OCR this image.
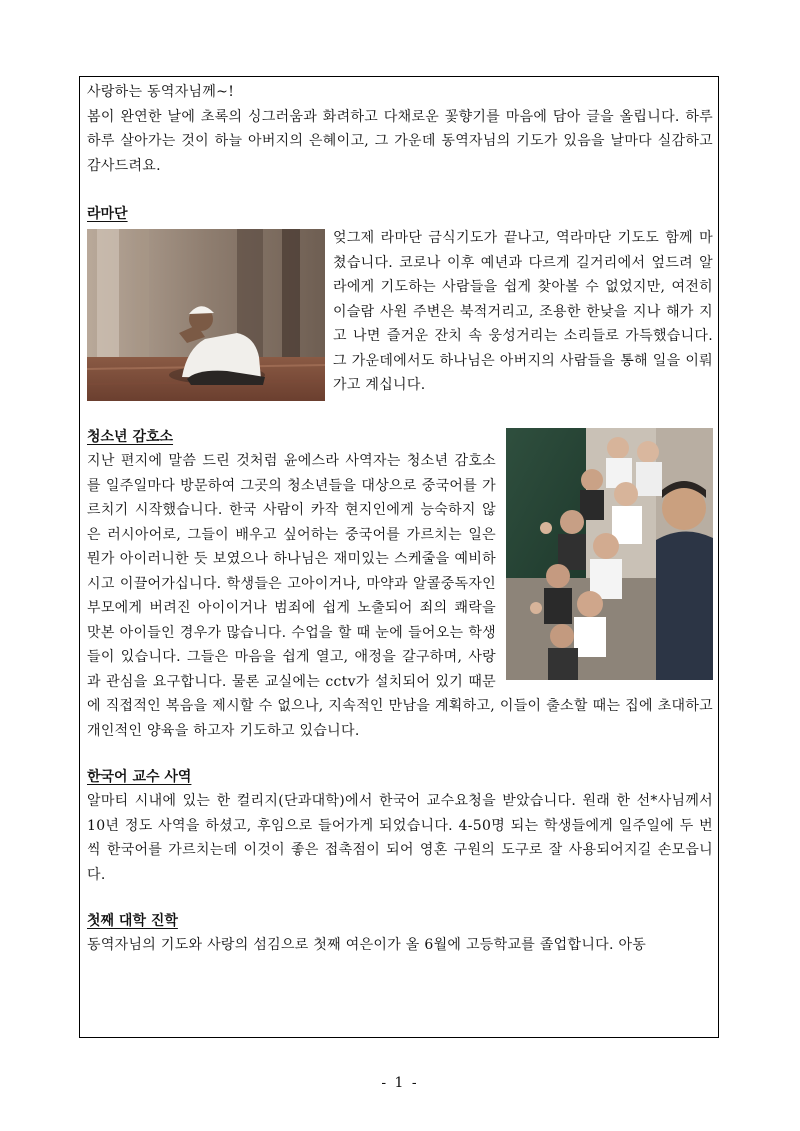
사랑하는 동역자님께~!

봄이 완연한 날에 초록의 싱그러움과 화려하고 다채로운 꽃향기를 마음에 담아 글을 올립니다. 하루하루 살아가는 것이 하늘 아버지의 은혜이고, 그 가운데 동역자님의 기도가 있음을 날마다 실감하고 감사드려요.

라마단

엊그제 라마단 금식기도가 끝나고, 역라마단 기도도 함께 마쳤습니다. 코로나 이후 예년과 다르게 길거리에서 엎드려 알라에게 기도하는 사람들을 쉽게 찾아볼 수 없었지만, 여전히 이슬람 사원 주변은 북적거리고, 조용한 한낮을 지나 해가 지고 나면 즐거운 잔치 속 웅성거리는 소리들로 가득했습니다. 그 가운데에서도 하나님은 아버지의 사람들을 통해 일을 이뤄가고 계십니다.

청소년 감호소

지난 편지에 말씀 드린 것처럼 윤에스라 사역자는 청소년 감호소를 일주일마다 방문하여 그곳의 청소년들을 대상으로 중국어를 가르치기 시작했습니다. 한국 사람이 카작 현지인에게 능숙하지 않은 러시아어로, 그들이 배우고 싶어하는 중국어를 가르치는 일은 뭔가 아이러니한 듯 보였으나 하나님은 재미있는 스케줄을 예비하시고 이끌어가십니다. 학생들은 고아이거나, 마약과 알콜중독자인 부모에게 버려진 아이이거나 범죄에 쉽게 노출되어 죄의 쾌락을 맛본 아이들인 경우가 많습니다. 수업을 할 때 눈에 들어오는 학생들이 있습니다. 그들은 마음을 쉽게 열고, 애정을 갈구하며, 사랑과 관심을 요구합니다. 물론 교실에는 cctv가 설치되어 있기 때문에 직접적인 복음을 제시할 수 없으나, 지속적인 만남을 계획하고, 이들이 출소할 때는 집에 초대하고 개인적인 양육을 하고자 기도하고 있습니다.

한국어 교수 사역

알마티 시내에 있는 한 컬리지(단과대학)에서 한국어 교수요청을 받았습니다. 원래 한 선*사님께서 10년 정도 사역을 하셨고, 후임으로 들어가게 되었습니다. 4-50명 되는 학생들에게 일주일에 두 번씩 한국어를 가르치는데 이것이 좋은 접촉점이 되어 영혼 구원의 도구로 잘 사용되어지길 손모읍니다.

첫째 대학 진학

동역자님의 기도와 사랑의 섬김으로 첫째 여은이가 올 6월에 고등학교를 졸업합니다. 아동

- 1 -
